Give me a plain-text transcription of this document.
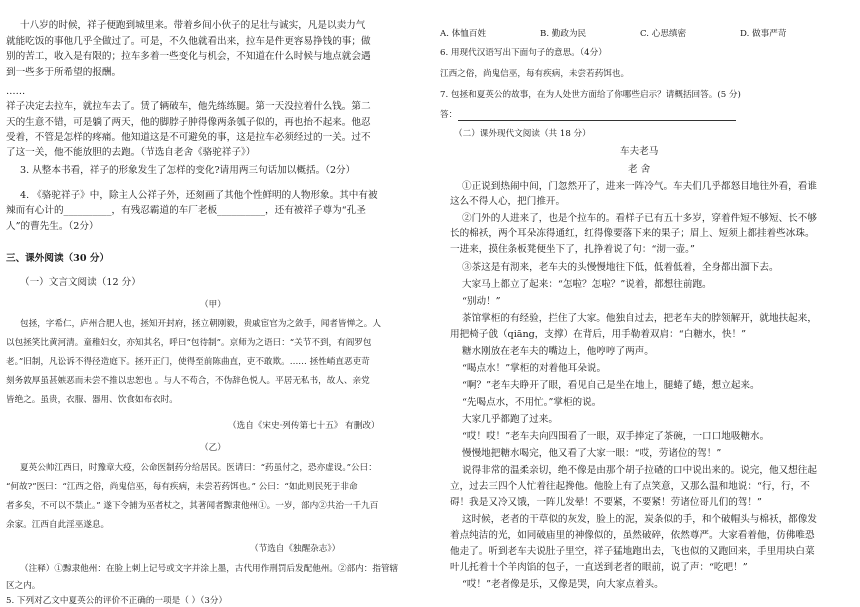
十八岁的时候，祥子便跑到城里来。带着乡间小伙子的足壮与诚实，凡是以卖力气
就能吃饭的事他几乎全做过了。可是，不久他就看出来，拉车是件更容易挣钱的事；做
别的苦工，收入是有限的；拉车多着一些变化与机会，不知道在什么时候与地点就会遇
到一些多于所希望的报酬。
……
祥子决定去拉车，就拉车去了。赁了辆破车，他先练练腿。第一天没拉着什么钱。第二
天的生意不错，可是躺了两天，他的脚脖子肿得像两条瓠子似的，再也抬不起来。他忍
受着，不管是怎样的疼痛。他知道这是不可避免的事，这是拉车必须经过的一关。过不
了这一关，他不能放胆的去跑。（节选自老舍《骆驼祥子》）
3. 从整本书看，祥子的形象发生了怎样的变化?请用两三句话加以概括。（2分）
4. 《骆驼祥子》中，除主人公祥子外，还刻画了其他个性鲜明的人物形象。其中有被
辣而有心计的__________，有残忍霸道的车厂老板__________，还有被祥子尊为“孔圣
人”的曹先生。（2分）
三、课外阅读（30 分）
（一）文言文阅读（12 分）
（甲）
包拯，字希仁，庐州合肥人也，拯知开封府，拯立朝刚毅，贵戚宦官为之敛手，闻者皆惮之。人
以包拯笑比黄河清。童稚妇女，亦知其名，呼曰“包待制”。京师为之语曰：“关节不到，有阎罗包
老。”旧制，凡讼诉不得径造庭下。拯开正门，使得至前陈曲直，吏不敢欺。…… 拯性峭直恶吏苛
刻务敦厚虽甚嫉恶而未尝不推以忠恕也 。与人不苟合，不伪辞色悦人。平居无私书，故人、亲党
皆绝之。虽贵，衣服、器用、饮食如布衣时。
（选自《宋史·列传第七十五》 有删改）
（乙）
夏英公帅江西日，时豫章大疫，公命医制药分给居民。医请曰：“药虽付之，恐亦虚设。”公曰：
“何故?”医曰：“江西之俗，尚鬼信巫，每有疾病，未尝若药饵也。” 公曰：“如此则民死于非命
者多矣，不可以不禁止。” 遂下令捕为巫者杖之，其著闻者黥隶他州①。一岁，部内②共治一千九百
余家。江西自此淫巫遂息。
（节选自《独醒杂志》）
（注释）①黥隶他州：在脸上刺上记号或文字并涂上墨，古代用作刑罚后发配他州。②部内：指管辖
区之内。
5. 下列对乙文中夏英公的评价不正确的一项是（ ）（3分）
A. 体恤百姓	B. 勤政为民	C. 心思缜密	D. 做事严苛
6. 用现代汉语写出下面句子的意思。（4分）
江西之俗，尚鬼信巫，每有疾病，未尝若药饵也。
7. 包拯和夏英公的故事，在为人处世方面给了你哪些启示？请概括回答。(5 分)
答：
（二）课外现代文阅读（共 18 分）
车夫老马
老 舍
①正说到热闹中间，门忽然开了，进来一阵冷气。车夫们几乎都怒目地往外看，看谁
这么不得人心，把门推开。
②门外的人进来了，也是个拉车的。看样子已有五十多岁，穿着件短不够短、长不够
长的棉袄，两个耳朵冻得通红，红得像要落下来的果子；眉上、短须上都挂着些冰珠。
一进来，摸住条板凳便坐下了，扎挣着说了句：“沏一壶。”
③茶这是有沏来，老车夫的头慢慢地往下低，低着低着，全身都出溜下去。
大家马上都立了起来：“怎啦？怎啦？”说着，都想往前跑。
“别动！”
茶馆掌柜的有经验，拦住了大家。他独自过去，把老车夫的脖领解开，就地扶起来，
用把椅子戗（qiāng，支撑）在背后，用手勒着双肩：“白糖水，快！”
糖水刚放在老车夫的嘴边上，他哼哼了两声。
“喝点水！”掌柜的对着他耳朵说。
“啊？”老车夫睁开了眼，看见自己是坐在地上，腿蜷了蜷，想立起来。
“先喝点水，不用忙。”掌柜的说。
大家几乎都跑了过来。
“哎！哎！”老车夫向四围看了一眼，双手捧定了茶碗，一口口地吸糖水。
慢慢地把糖水喝完，他又看了大家一眼：“哎，劳诸位的驾！”
说得非常的温柔亲切，绝不像是由那个胡子拉碴的口中说出来的。说完，他又想往起
立，过去三四个人忙着往起搀他。他脸上有了点笑意，又那么温和地说：“行，行，不
碍！我是又冷又饿，一阵儿发晕！不要紧，不要紧！劳诸位哥儿们的驾！”
这时候，老者的干草似的灰发，脸上的泥，炭条似的手，和个破帽头与棉袄，都像发
着点纯洁的光，如同破庙里的神像似的，虽然破碎，依然尊严。大家看着他，仿佛唯恐
他走了。听到老车夫说肚子里空，祥子猛地跑出去，飞也似的又跑回来，手里用块白菜
叶儿托着十个羊肉馅的包子，一直送到老者的眼前，说了声：“吃吧！”
“哎！”老者像是乐，又像是哭，向大家点着头。
